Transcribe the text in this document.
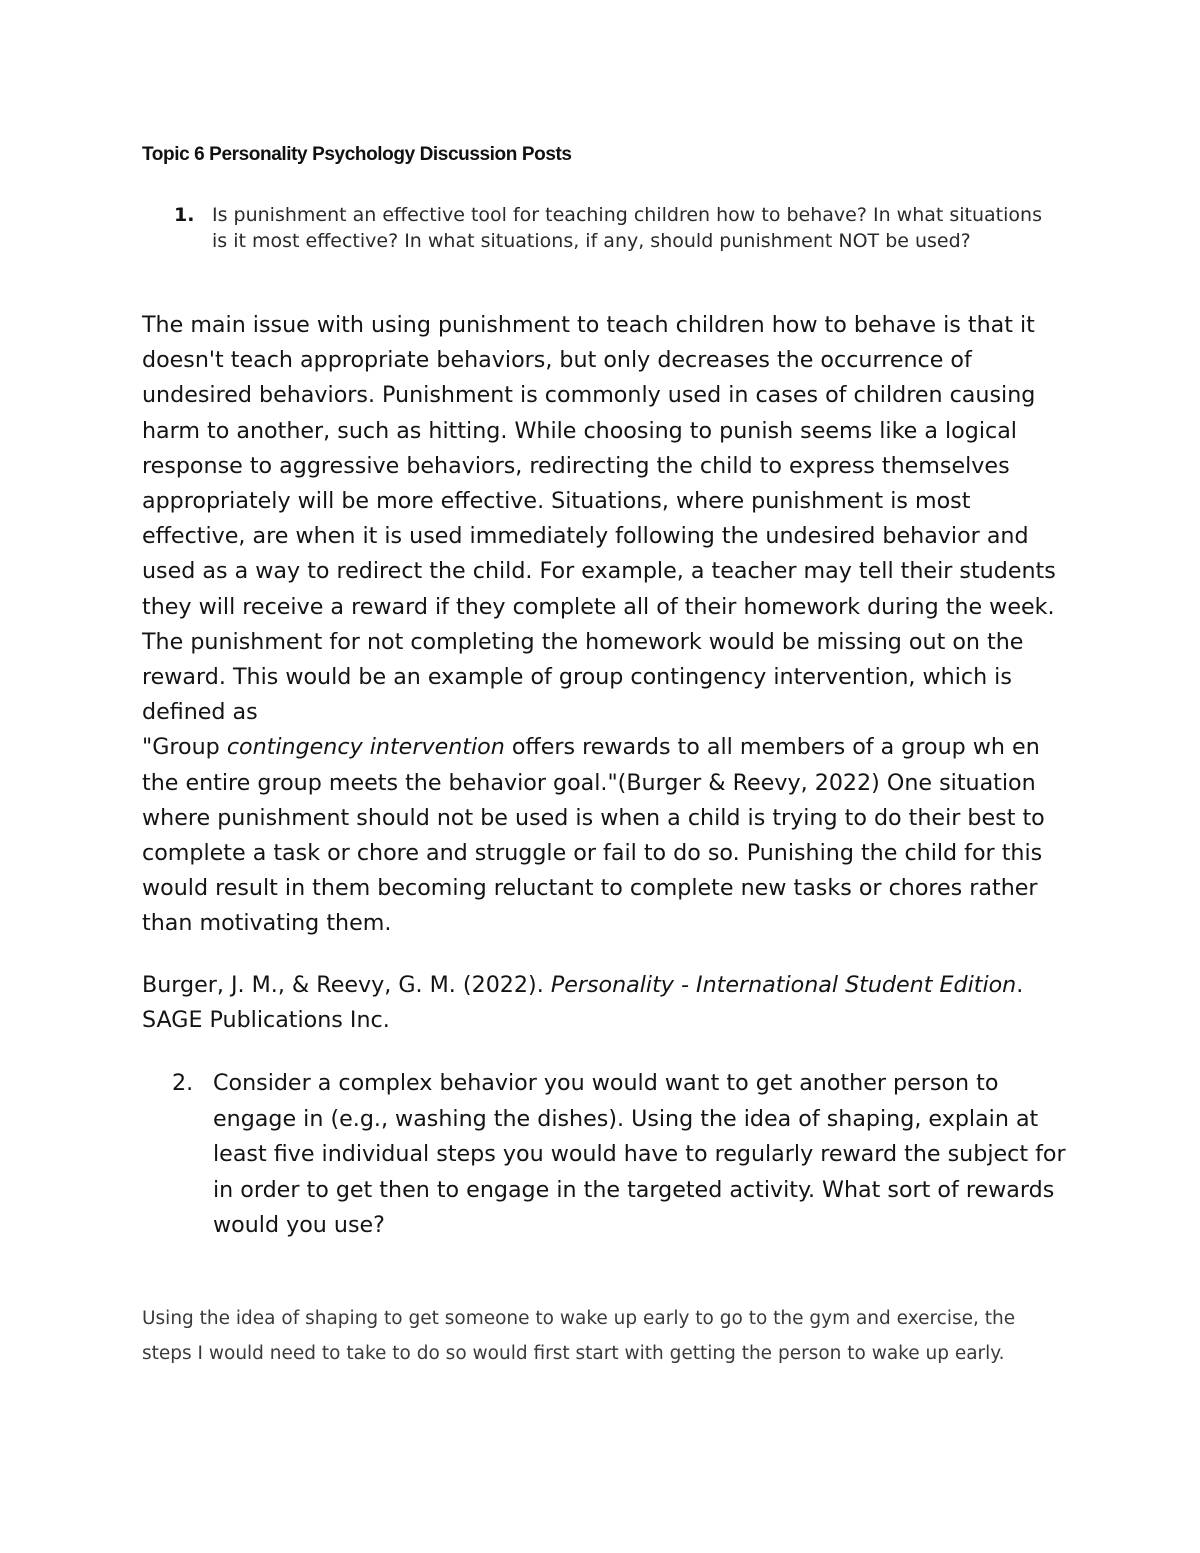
Topic 6 Personality Psychology Discussion Posts
1. Is punishment an effective tool for teaching children how to behave? In what situations is it most effective? In what situations, if any, should punishment NOT be used?

The main issue with using punishment to teach children how to behave is that it doesn't teach appropriate behaviors, but only decreases the occurrence of undesired behaviors. Punishment is commonly used in cases of children causing harm to another, such as hitting. While choosing to punish seems like a logical response to aggressive behaviors, redirecting the child to express themselves appropriately will be more effective. Situations, where punishment is most effective, are when it is used immediately following the undesired behavior and used as a way to redirect the child. For example, a teacher may tell their students they will receive a reward if they complete all of their homework during the week. The punishment for not completing the homework would be missing out on the reward. This would be an example of group contingency intervention, which is defined as
"Group contingency intervention offers rewards to all members of a group wh en the entire group meets the behavior goal."(Burger & Reevy, 2022) One situation where punishment should not be used is when a child is trying to do their best to complete a task or chore and struggle or fail to do so. Punishing the child for this would result in them becoming reluctant to complete new tasks or chores rather than motivating them.

Burger, J. M., & Reevy, G. M. (2022). Personality - International Student Edition. SAGE Publications Inc.

2. Consider a complex behavior you would want to get another person to engage in (e.g., washing the dishes). Using the idea of shaping, explain at least five individual steps you would have to regularly reward the subject for in order to get then to engage in the targeted activity. What sort of rewards would you use?

Using the idea of shaping to get someone to wake up early to go to the gym and exercise, the steps I would need to take to do so would first start with getting the person to wake up early.
